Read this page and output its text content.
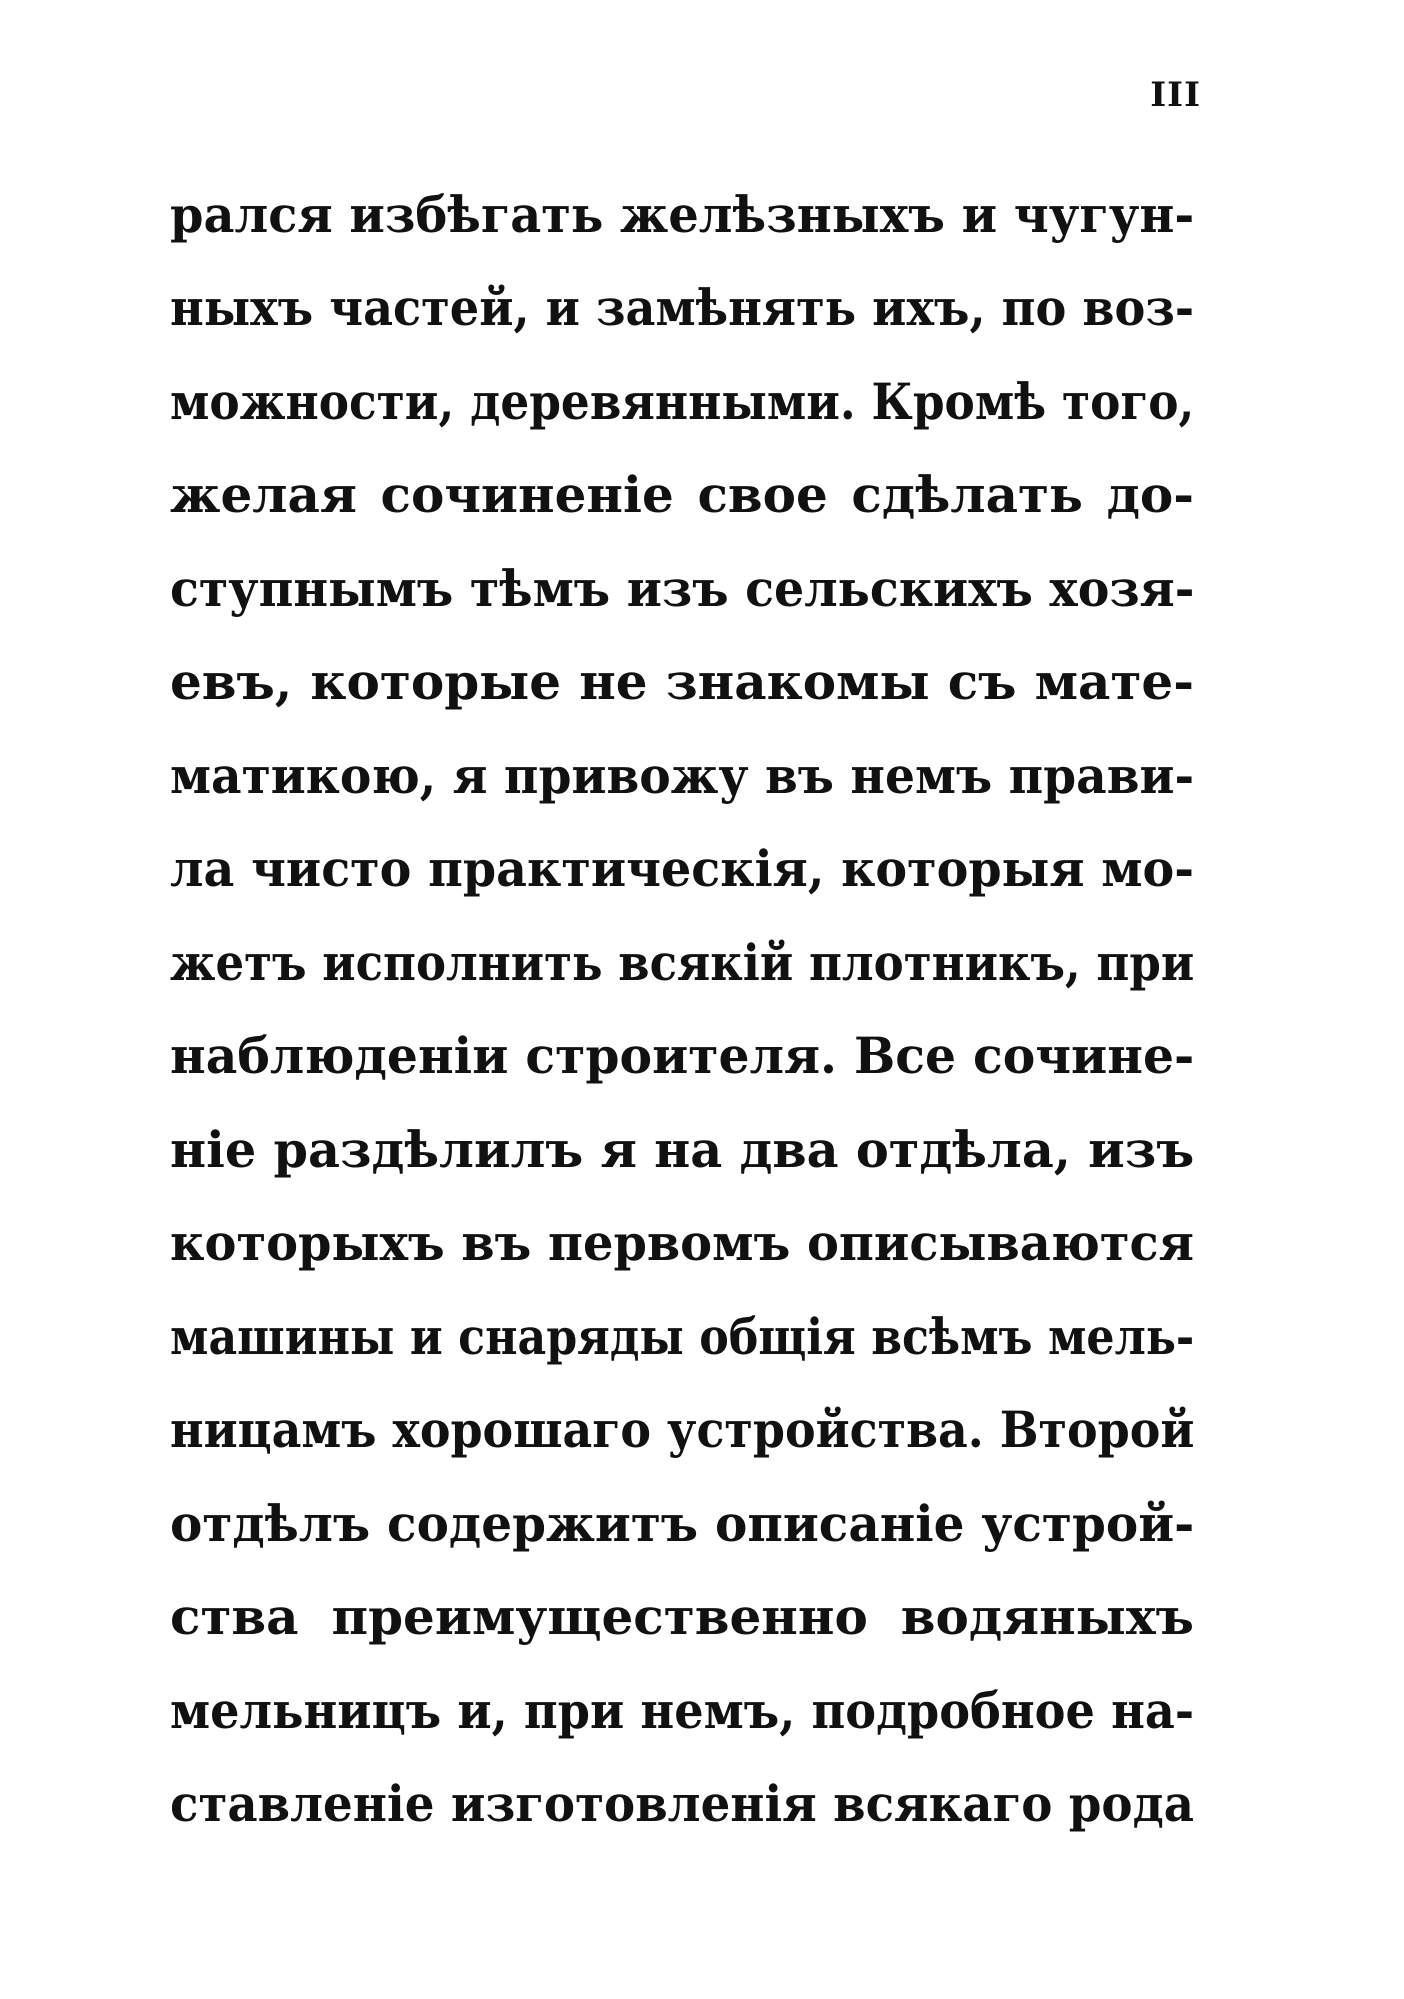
III
рался избѣгать желѣзныхъ и чугун-
ныхъ частей, и замѣнять ихъ, по воз-
можности, деревянными. Кромѣ того,
желая сочиненіе свое сдѣлать до-
ступнымъ тѣмъ изъ сельскихъ хозя-
евъ, которые не знакомы съ мате-
матикою, я привожу въ немъ прави-
ла чисто практическія, которыя мо-
жетъ исполнить всякій плотникъ, при
наблюденіи строителя. Все сочине-
ніе раздѣлилъ я на два отдѣла, изъ
которыхъ въ первомъ описываются
машины и снаряды общія всѣмъ мель-
ницамъ хорошаго устройства. Второй
отдѣлъ содержитъ описаніе устрой-
ства преимущественно водяныхъ
мельницъ и, при немъ, подробное на-
ставленіе изготовленія всякаго рода
